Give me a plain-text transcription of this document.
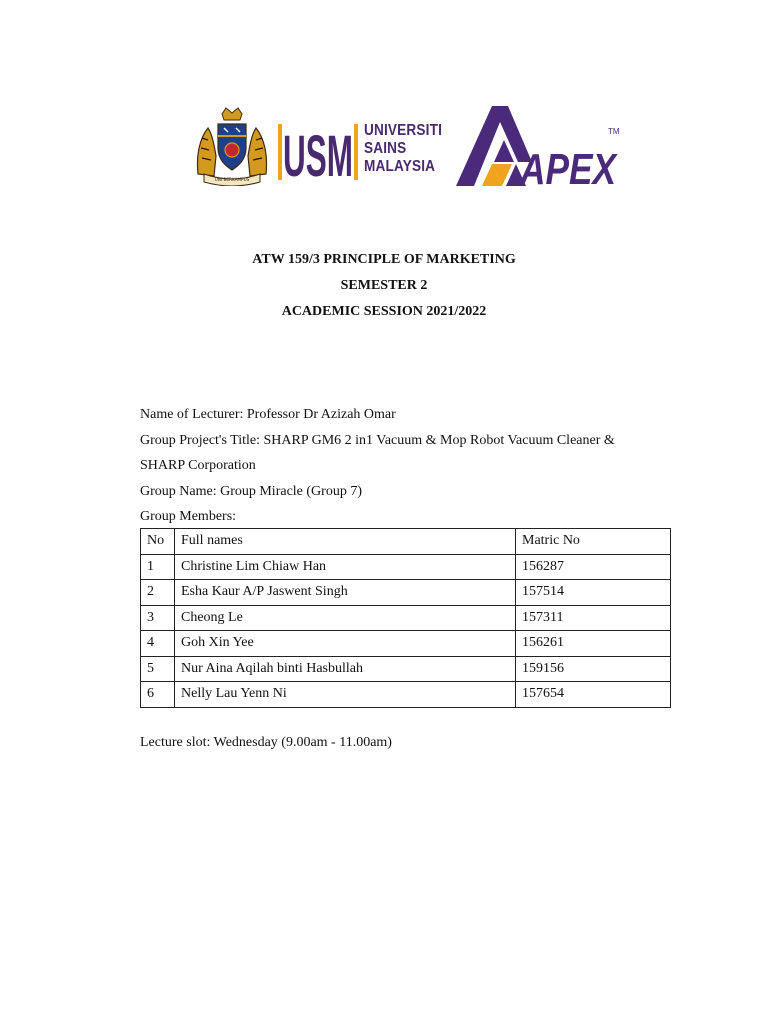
UNI BERKAMPUS USM UNIVERSITI
SAINS
MALAYSIA APEX
TM
ATW 159/3 PRINCIPLE OF MARKETING
SEMESTER 2
ACADEMIC SESSION 2021/2022

Name of Lecturer: Professor Dr Azizah Omar

Group Project's Title: SHARP GM6 2 in1 Vacuum & Mop Robot Vacuum Cleaner &

SHARP Corporation

Group Name: Group Miracle (Group 7)

Group Members:

No	Full names	Matric No
1	Christine Lim Chiaw Han	156287
2	Esha Kaur A/P Jaswent Singh	157514
3	Cheong Le	157311
4	Goh Xin Yee	156261
5	Nur Aina Aqilah binti Hasbullah	159156
6	Nelly Lau Yenn Ni	157654
Lecture slot: Wednesday (9.00am - 11.00am)
